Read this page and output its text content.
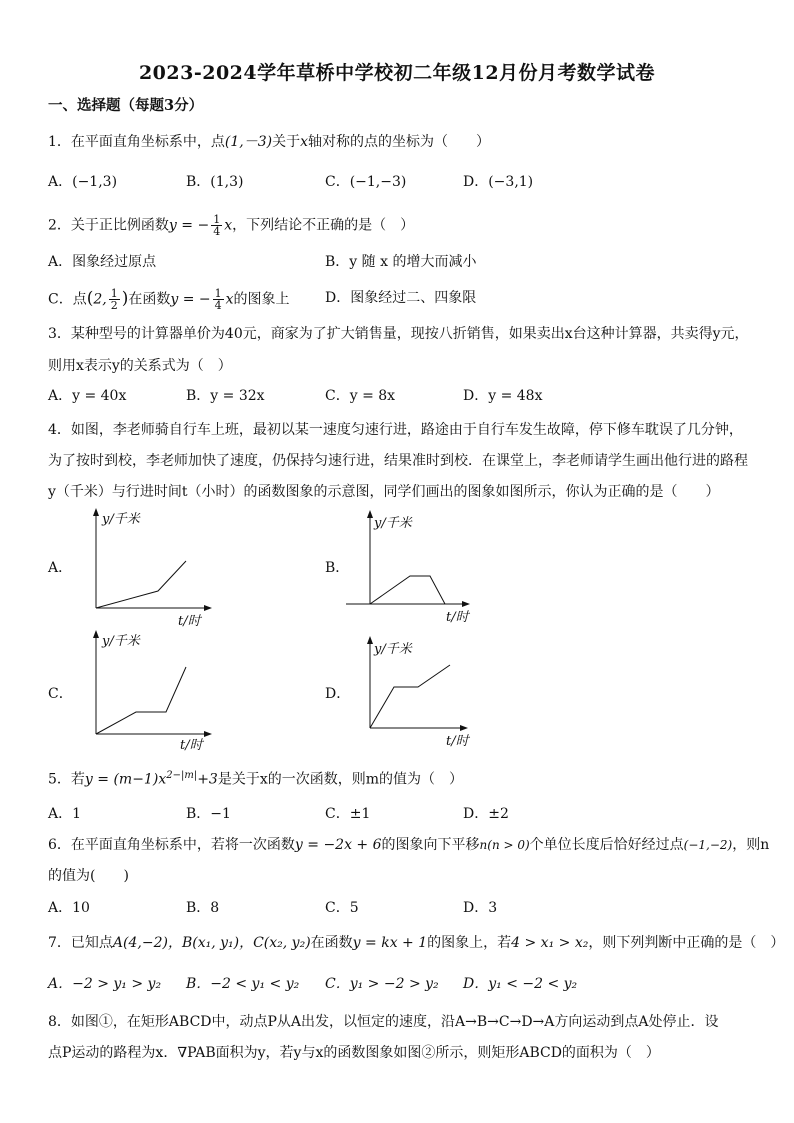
2023-2024学年草桥中学校初二年级12月份月考数学试卷
一、选择题（每题3分）
1．在平面直角坐标系中，点(1,－3)关于x轴对称的点的坐标为（　　）
A．(−1,3)	B．(1,3)	C．(−1,−3)	D．(−3,1)
2．关于正比例函数y = − $\frac{1}{4}$ x，下列结论不正确的是（　）
A．图象经过原点	B．y 随 x 的增大而减小
C．点(2, $\frac{1}{2}$ )在函数y = − $\frac{1}{4}$ x的图象上	D．图象经过二、四象限
3．某种型号的计算器单价为40元，商家为了扩大销售量，现按八折销售，如果卖出x台这种计算器，共卖得y元，
则用x表示y的关系式为（　）
A．y = 40x	B．y = 32x	C．y = 8x	D．y = 48x
4．如图，李老师骑自行车上班，最初以某一速度匀速行进，路途由于自行车发生故障，停下修车耽误了几分钟，
为了按时到校，李老师加快了速度，仍保持匀速行进，结果准时到校．在课堂上，李老师请学生画出他行进的路程
y（千米）与行进时间t（小时）的函数图象的示意图，同学们画出的图象如图所示，你认为正确的是（　　）
A．
y/千米
t/时
B．
y/千米
t/时
C．
y/千米
t/时
D．
y/千米
t/时
5．若$y = (m-1)x^{2-|m|}+3$是关于x的一次函数，则m的值为（　）
A．1	B．−1	C．±1	D．±2
6．在平面直角坐标系中，若将一次函数y = −2x + 6的图象向下平移n(n > 0)个单位长度后恰好经过点(−1,−2)，则n
的值为(　　)
A．10	B．8	C．5	D．3
7．已知点A(4,−2)，B(x₁, y₁)，C(x₂, y₂)在函数y = kx + 1的图象上，若4 > x₁ > x₂，则下列判断中正确的是（　）
A．−2 > y₁ > y₂ B．−2 < y₁ < y₂ C．y₁ > −2 > y₂ D．y₁ < −2 < y₂
8．如图①，在矩形ABCD中，动点P从A出发，以恒定的速度，沿A→B→C→D→A方向运动到点A处停止．设
点P运动的路程为x．∇PAB面积为y，若y与x的函数图象如图②所示，则矩形ABCD的面积为（　）
